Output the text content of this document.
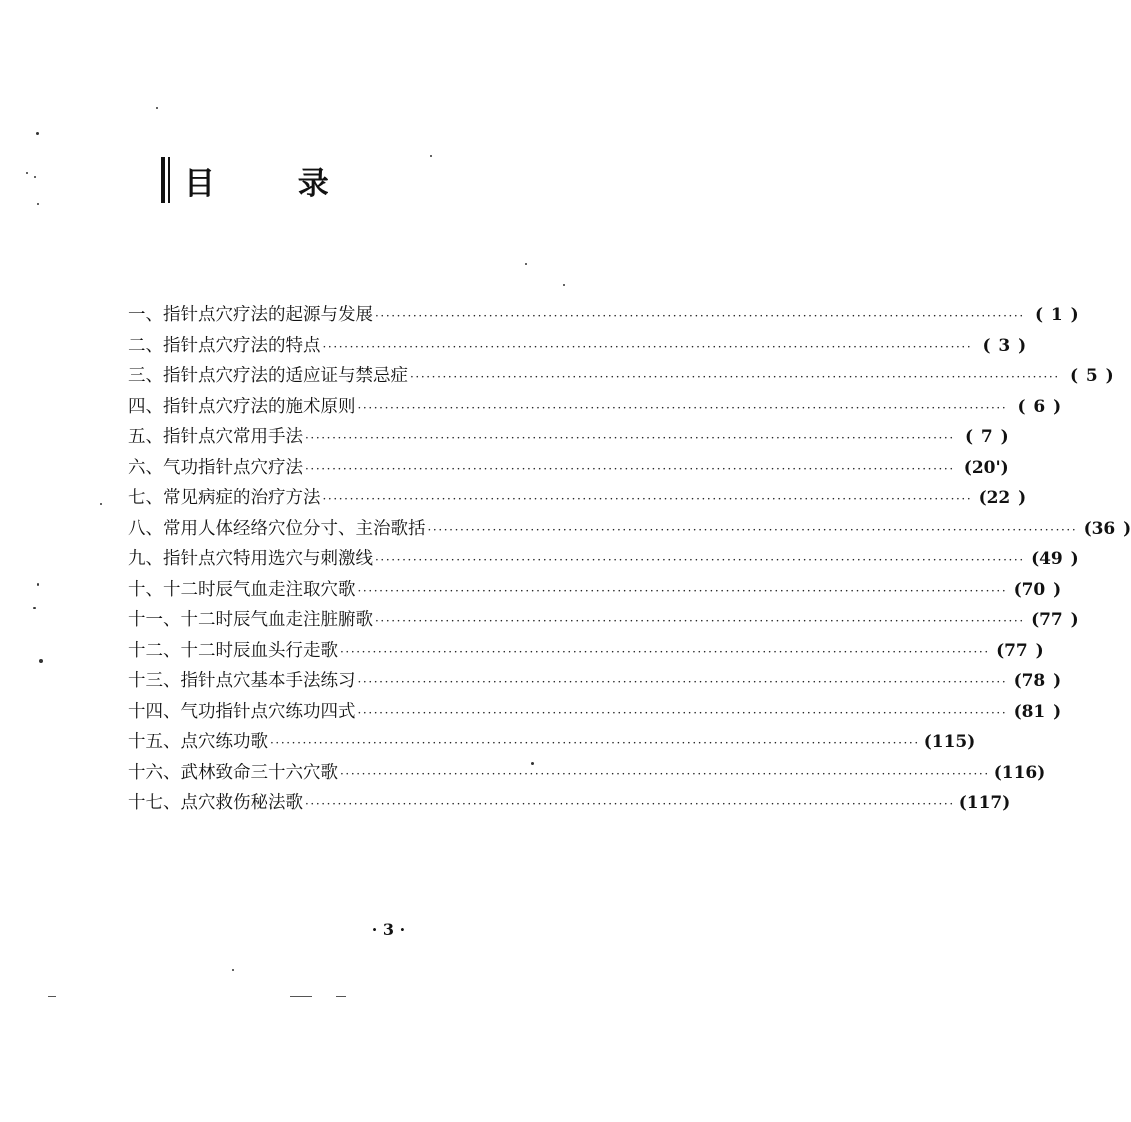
目 录
一、指针点穴疗法的起源与发展 ························································································································ ( 1 )
二、指针点穴疗法的特点 ························································································································ ( 3 )
三、指针点穴疗法的适应证与禁忌症 ························································································································ ( 5 )
四、指针点穴疗法的施术原则 ························································································································ ( 6 )
五、指针点穴常用手法 ························································································································ ( 7 )
六、气功指针点穴疗法 ························································································································ (20')
七、常见病症的治疗方法 ························································································································ (22 )
八、常用人体经络穴位分寸、主治歌括 ························································································································ (36 )
九、指针点穴特用选穴与刺激线 ························································································································ (49 )
十、十二时辰气血走注取穴歌 ························································································································ (70 )
十一、十二时辰气血走注脏腑歌 ························································································································ (77 )
十二、十二时辰血头行走歌 ························································································································ (77 )
十三、指针点穴基本手法练习 ························································································································ (78 )
十四、气功指针点穴练功四式 ························································································································ (81 )
十五、点穴练功歌 ························································································································ (115)
十六、武林致命三十六穴歌 ························································································································ (116)
十七、点穴救伤秘法歌 ························································································································ (117)
· 3 ·
